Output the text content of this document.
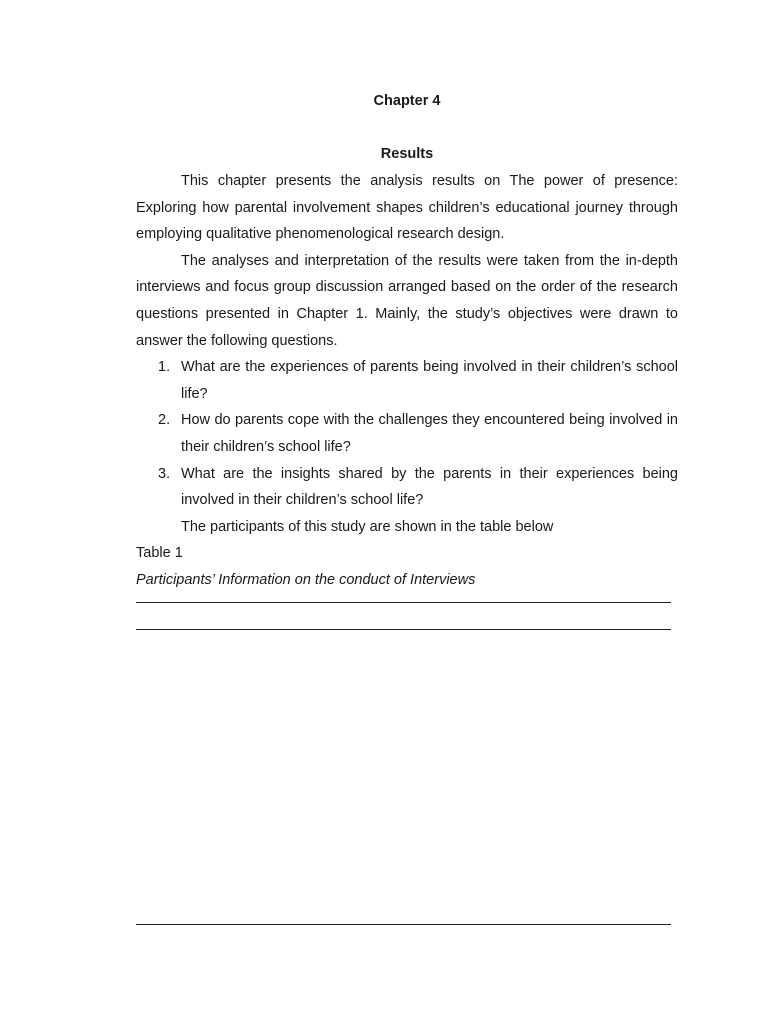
Chapter 4
Results

This chapter presents the analysis results on The power of presence: Exploring how parental involvement shapes children’s educational journey through employing qualitative phenomenological research design.

The analyses and interpretation of the results were taken from the in-depth interviews and focus group discussion arranged based on the order of the research questions presented in Chapter 1. Mainly, the study’s objectives were drawn to answer the following questions.

1. What are the experiences of parents being involved in their children’s school life?
2. How do parents cope with the challenges they encountered being involved in their children’s school life?
3. What are the insights shared by the parents in their experiences being involved in their children’s school life?

The participants of this study are shown in the table below

Table 1
Participants’ Information on the conduct of Interviews
